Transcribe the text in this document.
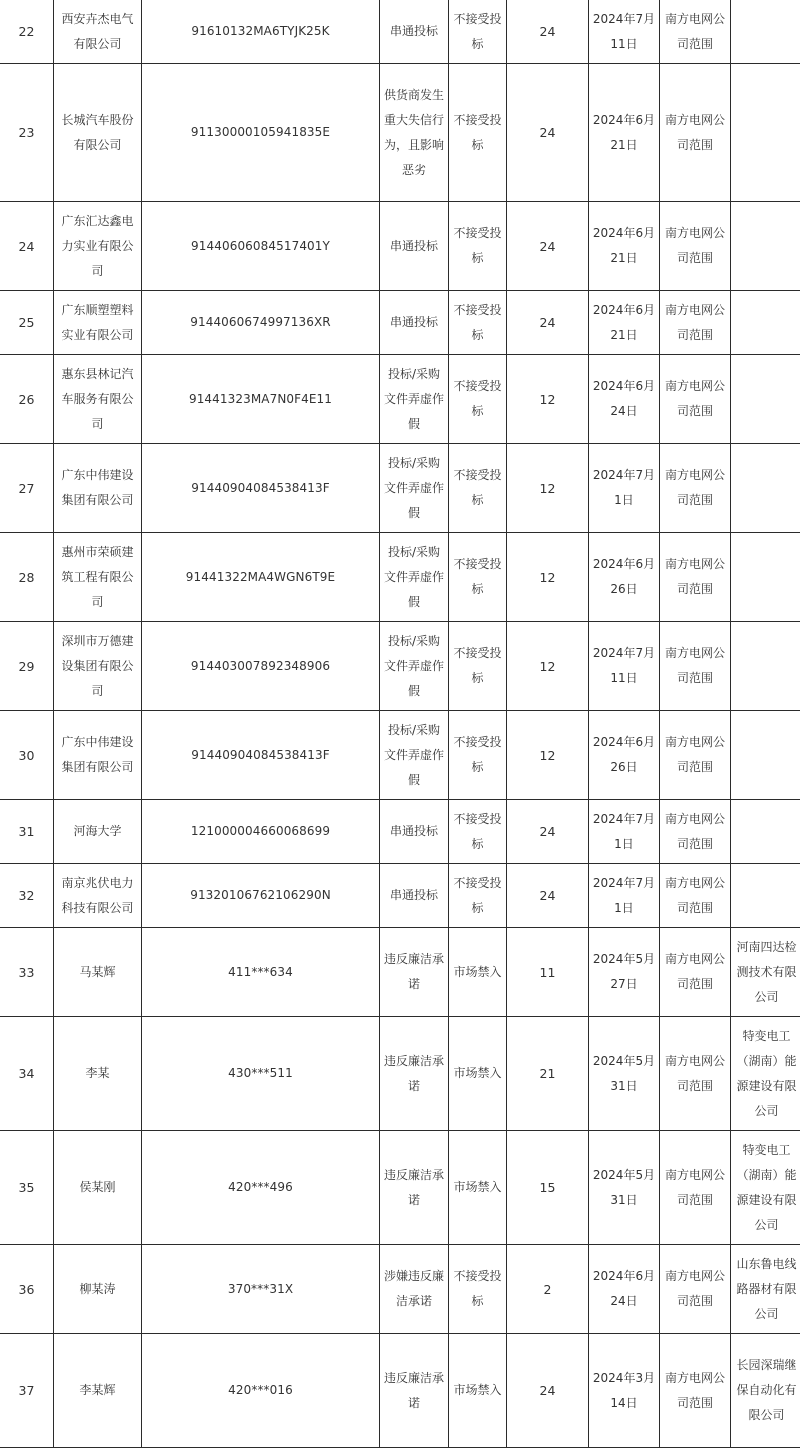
22	西安卉杰电气有限公司	91610132MA6TYJK25K	串通投标	不接受投标	24	2024年7月11日	南方电网公司范围	
23	长城汽车股份有限公司	91130000105941835E	供货商发生重大失信行为，且影响恶劣	不接受投标	24	2024年6月21日	南方电网公司范围	
24	广东汇达鑫电力实业有限公司	91440606084517401Y	串通投标	不接受投标	24	2024年6月21日	南方电网公司范围	
25	广东顺塑塑料实业有限公司	9144060674997136XR	串通投标	不接受投标	24	2024年6月21日	南方电网公司范围	
26	惠东县林记汽车服务有限公司	91441323MA7N0F4E11	投标/采购文件弄虚作假	不接受投标	12	2024年6月24日	南方电网公司范围	
27	广东中伟建设集团有限公司	91440904084538413F	投标/采购文件弄虚作假	不接受投标	12	2024年7月1日	南方电网公司范围	
28	惠州市荣硕建筑工程有限公司	91441322MA4WGN6T9E	投标/采购文件弄虚作假	不接受投标	12	2024年6月26日	南方电网公司范围	
29	深圳市万德建设集团有限公司	914403007892348906	投标/采购文件弄虚作假	不接受投标	12	2024年7月11日	南方电网公司范围	
30	广东中伟建设集团有限公司	91440904084538413F	投标/采购文件弄虚作假	不接受投标	12	2024年6月26日	南方电网公司范围	
31	河海大学	121000004660068699	串通投标	不接受投标	24	2024年7月1日	南方电网公司范围	
32	南京兆伏电力科技有限公司	91320106762106290N	串通投标	不接受投标	24	2024年7月1日	南方电网公司范围	
33	马某辉	411***634	违反廉洁承诺	市场禁入	11	2024年5月27日	南方电网公司范围	河南四达检测技术有限公司
34	李某	430***511	违反廉洁承诺	市场禁入	21	2024年5月31日	南方电网公司范围	特变电工（湖南）能源建设有限公司
35	侯某刚	420***496	违反廉洁承诺	市场禁入	15	2024年5月31日	南方电网公司范围	特变电工（湖南）能源建设有限公司
36	柳某涛	370***31X	涉嫌违反廉洁承诺	不接受投标	2	2024年6月24日	南方电网公司范围	山东鲁电线路器材有限公司
37	李某辉	420***016	违反廉洁承诺	市场禁入	24	2024年3月14日	南方电网公司范围	长园深瑞继保自动化有限公司
